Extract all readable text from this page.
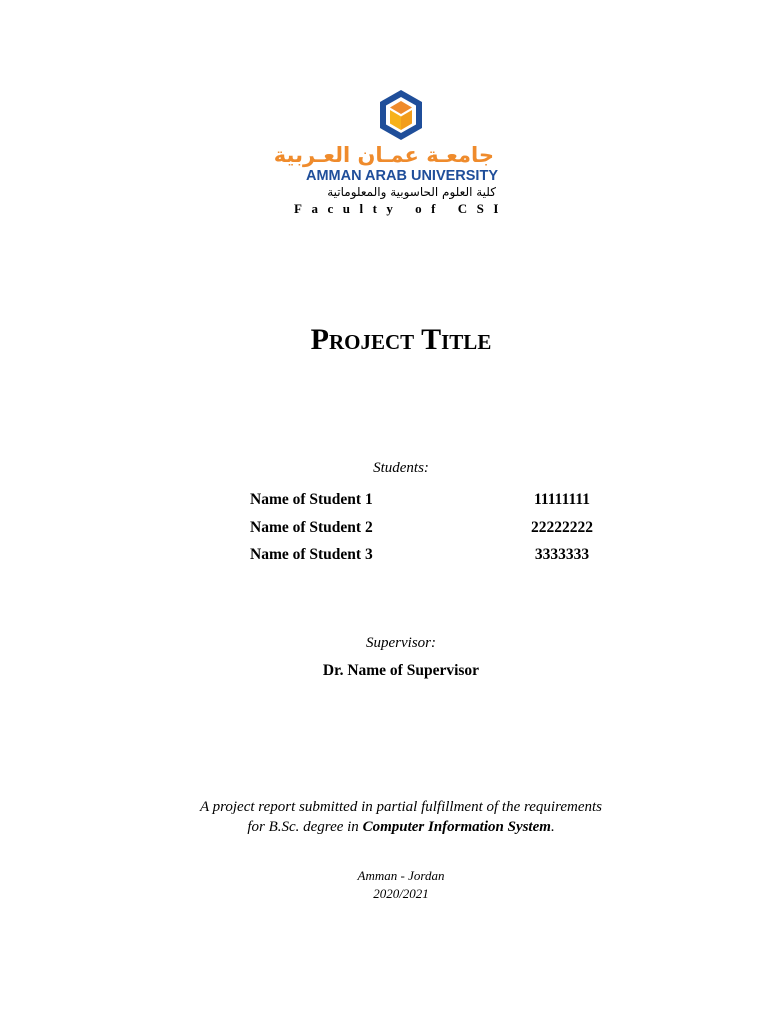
جامعـة عمـان العـربية
AMMAN ARAB UNIVERSITY
كلية العلوم الحاسوبية والمعلوماتية
Faculty of CSI
Project Title
Students:
Name of Student 1	11111111
Name of Student 2	22222222
Name of Student 3	3333333
Supervisor:
Dr. Name of Supervisor
A project report submitted in partial fulfillment of the requirements
for B.Sc. degree in Computer Information System.
Amman - Jordan
2020/2021
